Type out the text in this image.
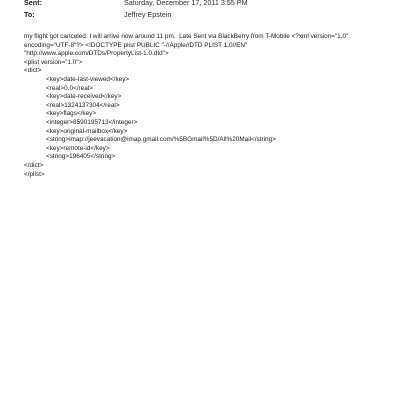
Sent:	Saturday, December 17, 2011 3:55 PM
To:	Jeffrey Epstein
my flight got canceled. I will arrive now around 11 pm.  Late Sent via BlackBerry from T-Mobile <?xml version="1.0"
encoding="UTF-8"?> <!DOCTYPE plist PUBLIC "-//Apple//DTD PLIST 1.0//EN"
"http://www.apple.com/DTDs/PropertyList-1.0.dtd">
<plist version="1.0">
<dict>
<key>date-last-viewed</key>
<real>0.0</real>
<key>date-received</key>
<real>1324137304</real>
<key>flags</key>
<integer>8590195713</integer>
<key>original-mailbox</key>
<string>imap://jeevacation@imap.gmail.com/%5BGmail%5D/All%20Mail</string>
<key>remote-id</key>
<string>196405</string>
</dict>
</plist>
